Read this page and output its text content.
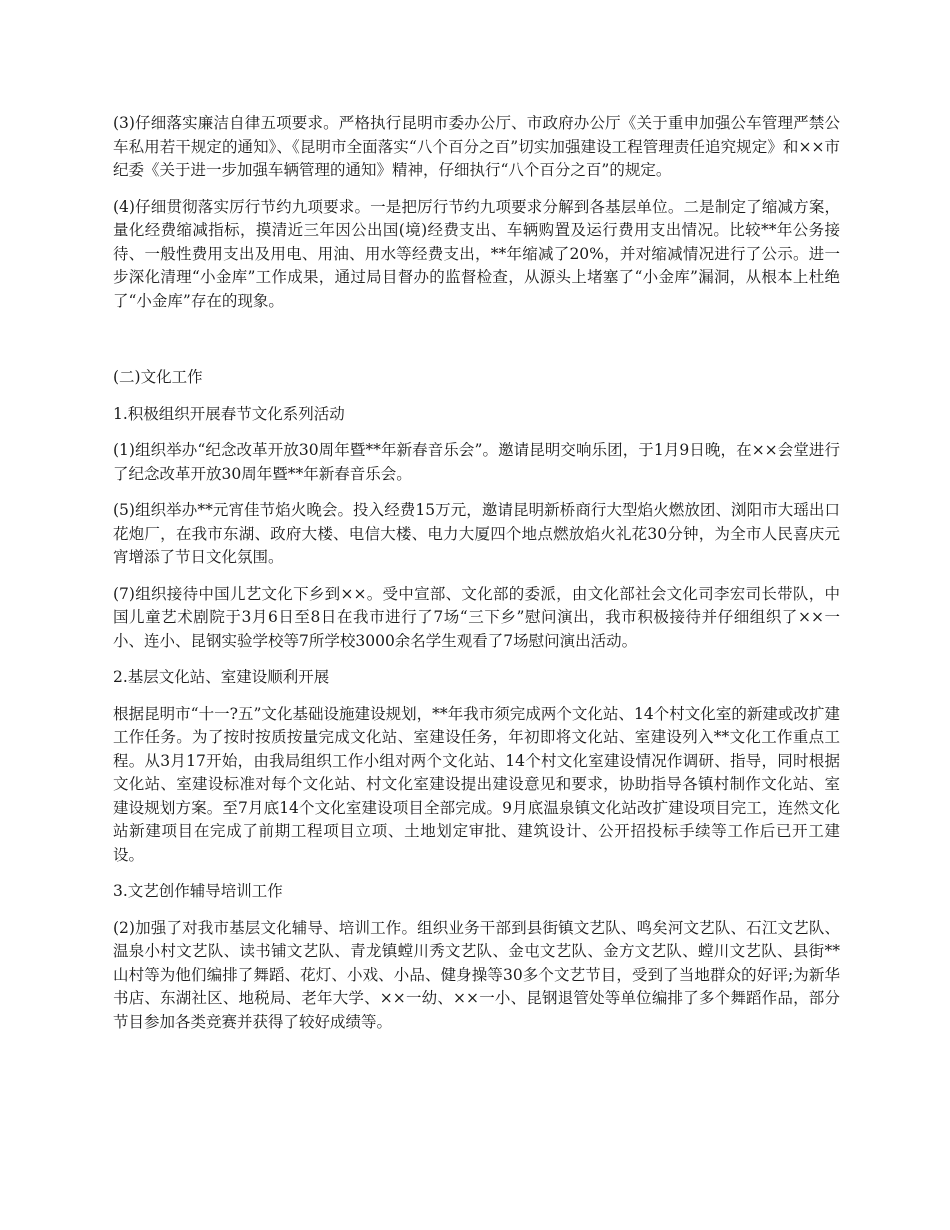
(3)仔细落实廉洁自律五项要求。严格执行昆明市委办公厅、市政府办公厅《关于重申加强公车管理严禁公车私用若干规定的通知》、《昆明市全面落实“八个百分之百”切实加强建设工程管理责任追究规定》和××市纪委《关于进一步加强车辆管理的通知》精神，仔细执行“八个百分之百”的规定。

(4)仔细贯彻落实厉行节约九项要求。一是把厉行节约九项要求分解到各基层单位。二是制定了缩减方案，量化经费缩减指标，摸清近三年因公出国(境)经费支出、车辆购置及运行费用支出情况。比较**年公务接待、一般性费用支出及用电、用油、用水等经费支出，**年缩减了20%，并对缩减情况进行了公示。进一步深化清理“小金库”工作成果，通过局目督办的监督检查，从源头上堵塞了“小金库”漏洞，从根本上杜绝了“小金库”存在的现象。

(二)文化工作

1.积极组织开展春节文化系列活动

(1)组织举办“纪念改革开放30周年暨**年新春音乐会”。邀请昆明交响乐团，于1月9日晚，在××会堂进行了纪念改革开放30周年暨**年新春音乐会。

(5)组织举办**元宵佳节焰火晚会。投入经费15万元，邀请昆明新桥商行大型焰火燃放团、浏阳市大瑶出口花炮厂，在我市东湖、政府大楼、电信大楼、电力大厦四个地点燃放焰火礼花30分钟，为全市人民喜庆元宵增添了节日文化氛围。

(7)组织接待中国儿艺文化下乡到××。受中宣部、文化部的委派，由文化部社会文化司李宏司长带队，中国儿童艺术剧院于3月6日至8日在我市进行了7场“三下乡”慰问演出，我市积极接待并仔细组织了××一小、连小、昆钢实验学校等7所学校3000余名学生观看了7场慰问演出活动。

2.基层文化站、室建设顺利开展

根据昆明市“十一?五”文化基础设施建设规划，**年我市须完成两个文化站、14个村文化室的新建或改扩建工作任务。为了按时按质按量完成文化站、室建设任务，年初即将文化站、室建设列入**文化工作重点工程。从3月17开始，由我局组织工作小组对两个文化站、14个村文化室建设情况作调研、指导，同时根据文化站、室建设标准对每个文化站、村文化室建设提出建设意见和要求，协助指导各镇村制作文化站、室建设规划方案。至7月底14个文化室建设项目全部完成。9月底温泉镇文化站改扩建设项目完工，连然文化站新建项目在完成了前期工程项目立项、土地划定审批、建筑设计、公开招投标手续等工作后已开工建设。

3.文艺创作辅导培训工作

(2)加强了对我市基层文化辅导、培训工作。组织业务干部到县街镇文艺队、鸣矣河文艺队、石江文艺队、温泉小村文艺队、读书铺文艺队、青龙镇螳川秀文艺队、金屯文艺队、金方文艺队、螳川文艺队、县街**山村等为他们编排了舞蹈、花灯、小戏、小品、健身操等30多个文艺节目，受到了当地群众的好评;为新华书店、东湖社区、地税局、老年大学、××一幼、××一小、昆钢退管处等单位编排了多个舞蹈作品，部分节目参加各类竞赛并获得了较好成绩等。
